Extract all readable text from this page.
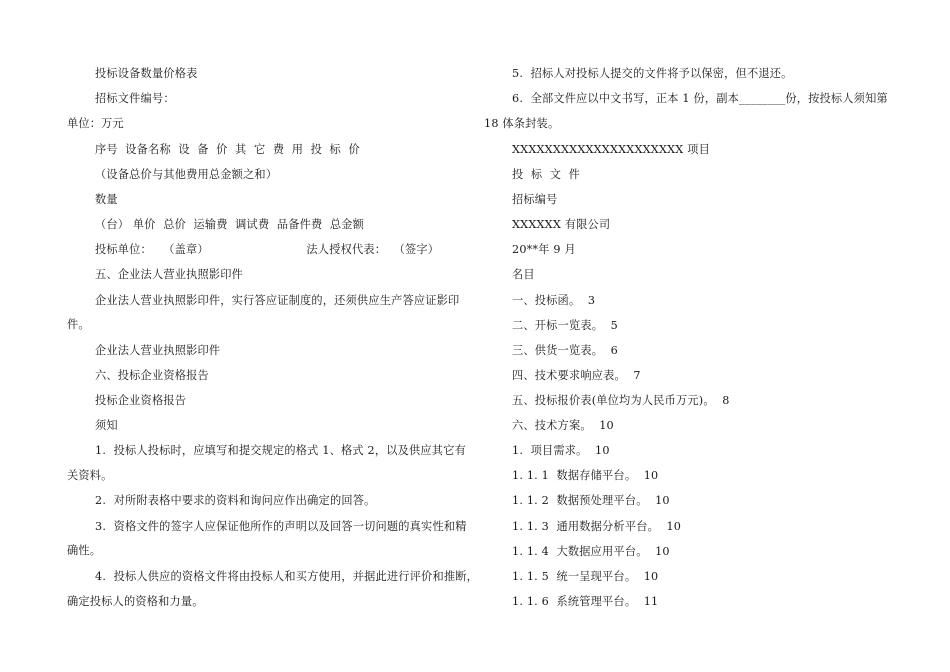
投标设备数量价格表
招标文件编号：
单位：万元
序号  设备名称  设  备  价  其  它  费  用  投  标  价
（设备总价与其他费用总金额之和）
数量
（台） 单价  总价  运输费  调试费  品备件费  总金额
投标单位：   （盖章）                          法人授权代表：  （签字）
五、企业法人营业执照影印件
企业法人营业执照影印件，实行答应证制度的，还须供应生产答应证影印
件。
企业法人营业执照影印件
六、投标企业资格报告
投标企业资格报告
须知
1.  投标人投标时，应填写和提交规定的格式 1、格式 2，以及供应其它有
关资料。
2.  对所附表格中要求的资料和询问应作出确定的回答。
3.  资格文件的签字人应保证他所作的声明以及回答一切问题的真实性和精
确性。
4.  投标人供应的资格文件将由投标人和买方使用，并据此进行评价和推断，
确定投标人的资格和力量。
5.  招标人对投标人提交的文件将予以保密，但不退还。
6.  全部文件应以中文书写，正本 1 份，副本________份，按投标人须知第
18 体条封装。
XXXXXXXXXXXXXXXXXXXXX 项目
投  标  文  件
招标编号
XXXXXX 有限公司
20**年 9 月
名目
一、投标函。  3
二、开标一览表。  5
三、供货一览表。  6
四、技术要求响应表。  7
五、投标报价表(单位均为人民币万元)。  8
六、技术方案。  10
1.  项目需求。  10
1. 1. 1  数据存储平台。  10
1. 1. 2  数据预处理平台。  10
1. 1. 3  通用数据分析平台。  10
1. 1. 4  大数据应用平台。  10
1. 1. 5  统一呈现平台。  10
1. 1. 6  系统管理平台。  11
